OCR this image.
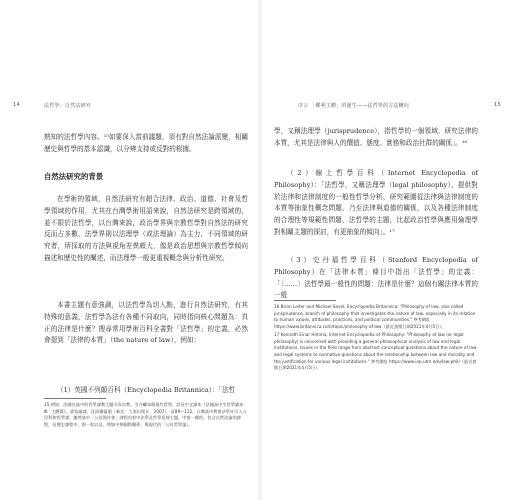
14	法哲學：自然法研究

熟知的法哲學內容。¹⁵如要深入當前議題，須有對自然法論派變，相關歷史與哲學的基本認識，以分辨支持或反對的根據。

自然法研究的背景

在學術的領域，自然法研究有超合法律、政治、道德、社會及哲學領域的作用，尤其在台灣學術用語來說，自然法研究是跨領域的，並不限於法哲學，以台灣來說，政治學界與宗教哲學對自然法的研究反而占多數，法學界則以法理學（或法理論）為主力，不同領域的研究者，所採取的方法與視角差異頗大，像是政治思想與宗教哲學傾向描述和歷史性的闡述，而法理學一般更重視概念與分析性研究。

本書主題有意強調，以法哲學為切入點，進行自然法研究，有其特殊的意義，法哲學為法有各種不同取向，同時指向核心問題為：真正的法律是什麼？搜尋常用學術百科全書對「法哲學」的定義，必然會提到「法律的本質」（the nature of law），例如：

（1）英國不列顛百科（Encyclopedia Britannica）：「法哲

15 例如：法國在高中的哲學課教主題可為宗教，引介繼承與現代哲學，詳見中文譯本《法國高中生哲學讀本Ⅲ：主體篇》，梁家瑜譯，沈清楷審閱（新北：大家出版社，2007），頁89～122。台灣高中教育法學亦引入公民科和哲學課，雖然高中「公民與社會」課程內容中法學及哲學延伸主題，中第一種的，包含自然法論的課程，而歷史課程中，則一般以及、例如中期國際關係，與現代的「公民哲學論」。

序言 「權利主體」的誕生——法哲學的方法轉向	15

學，又稱法理學（jurisprudence），指哲學的一個領域，研究法律的本質，尤其是法律與人的價值、態度、實務和政治社群的關係」。¹⁶

（2）線上哲學百科（Internet Encyclopedia of Philosophy）：「法哲學，又稱法理學（legal philosophy），提供對於法律和法律制度的一般性哲學分析，研究範圍從法律與法律制度的本質等抽象性概念問題，乃至法律與道德的關係，以及各種法律制度的合理性等規範性問題，法哲學的主題，比起政治哲學與應用倫理學對相關主題的探討，有更抽象的傾向」。¹⁷

（3）史丹福哲學百科（Stanford Encyclopedia of Philosophy）在「法律本質」條目中指出「法哲學」的定義：「〔……〕法哲學最一般性的問題：法律是什麼？這個有關法律本質的一般

16 Brian Leiter and Michael Sevel, Encyclopedia Britannica: "Philosophy of law, also called jurisprudence, branch of philosophy that investigates the nature of law, especially in its relation to human values, attitudes, practices, and political communities." 參考網址 https://www.britannica.com/topic/philosophy-of-law（最近查閱日期2021年4月5日）。

17 Kenneth Einar Himma, Internet Encyclopedia of Philosophy: "Philosophy of law (or legal philosophy) is concerned with providing a general philosophical analysis of law and legal institutions. Issues in the field range from abstract conceptual questions about the nature of law and legal systems to normative questions about the relationship between law and morality and the justification for various legal institutions." 參考網址 https://www.iep.utm.edu/law-phil/（最近查閱日期2021年4月5日）。
